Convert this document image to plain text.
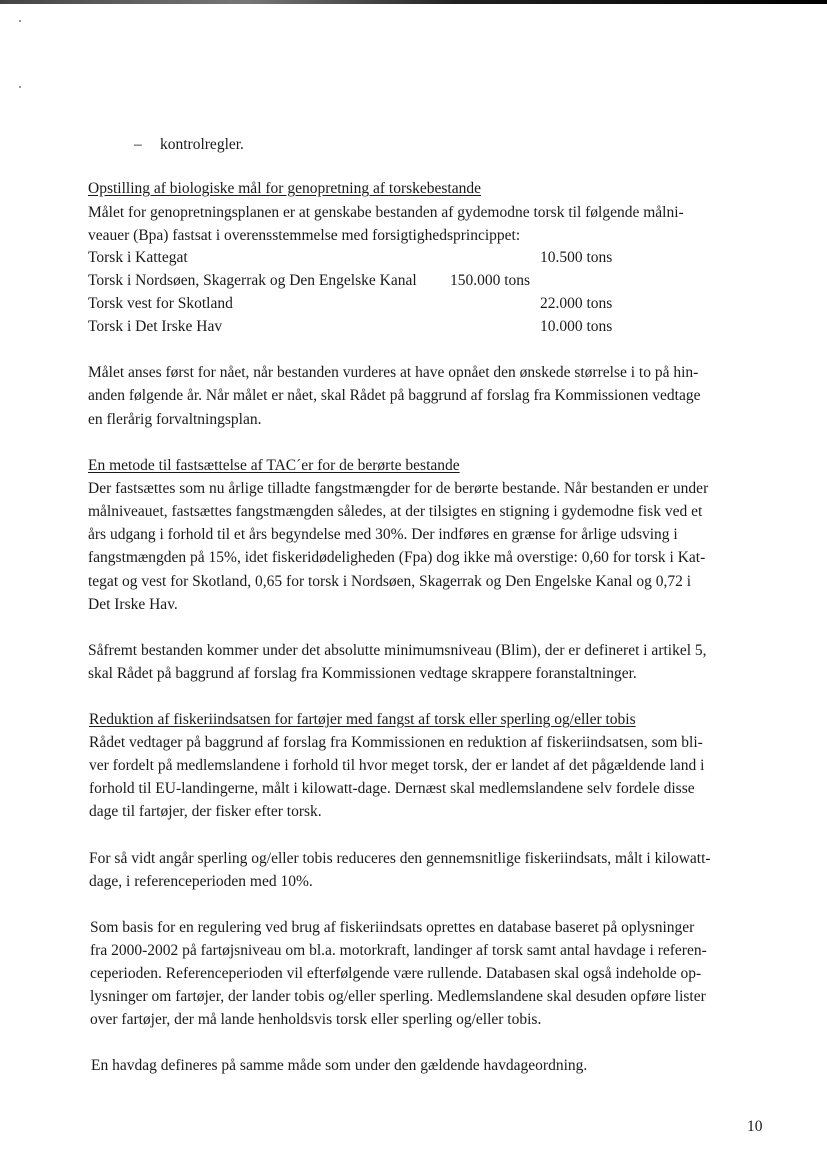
– kontrolregler.
Opstilling af biologiske mål for genopretning af torskebestande
Målet for genopretningsplanen er at genskabe bestanden af gydemodne torsk til følgende målni-
veauer (Bpa) fastsat i overensstemmelse med forsigtighedsprincippet:
Torsk i Kattegat	10.500 tons
Torsk i Nordsøen, Skagerrak og Den Engelske Kanal 150.000 tons
Torsk vest for Skotland	22.000 tons
Torsk i Det Irske Hav	10.000 tons
Målet anses først for nået, når bestanden vurderes at have opnået den ønskede størrelse i to på hin-
anden følgende år. Når målet er nået, skal Rådet på baggrund af forslag fra Kommissionen vedtage
en flerårig forvaltningsplan.
En metode til fastsættelse af TAC´er for de berørte bestande
Der fastsættes som nu årlige tilladte fangstmængder for de berørte bestande. Når bestanden er under
målniveauet, fastsættes fangstmængden således, at der tilsigtes en stigning i gydemodne fisk ved et
års udgang i forhold til et års begyndelse med 30%. Der indføres en grænse for årlige udsving i
fangstmængden på 15%, idet fiskeridødeligheden (Fpa) dog ikke må overstige: 0,60 for torsk i Kat-
tegat og vest for Skotland, 0,65 for torsk i Nordsøen, Skagerrak og Den Engelske Kanal og 0,72 i
Det Irske Hav.
Såfremt bestanden kommer under det absolutte minimumsniveau (Blim), der er defineret i artikel 5,
skal Rådet på baggrund af forslag fra Kommissionen vedtage skrappere foranstaltninger.
Reduktion af fiskeriindsatsen for fartøjer med fangst af torsk eller sperling og/eller tobis
Rådet vedtager på baggrund af forslag fra Kommissionen en reduktion af fiskeriindsatsen, som bli-
ver fordelt på medlemslandene i forhold til hvor meget torsk, der er landet af det pågældende land i
forhold til EU-landingerne, målt i kilowatt-dage. Dernæst skal medlemslandene selv fordele disse
dage til fartøjer, der fisker efter torsk.
For så vidt angår sperling og/eller tobis reduceres den gennemsnitlige fiskeriindsats, målt i kilowatt-
dage, i referenceperioden med 10%.
Som basis for en regulering ved brug af fiskeriindsats oprettes en database baseret på oplysninger
fra 2000-2002 på fartøjsniveau om bl.a. motorkraft, landinger af torsk samt antal havdage i referen-
ceperioden. Referenceperioden vil efterfølgende være rullende. Databasen skal også indeholde op-
lysninger om fartøjer, der lander tobis og/eller sperling. Medlemslandene skal desuden opføre lister
over fartøjer, der må lande henholdsvis torsk eller sperling og/eller tobis.
En havdag defineres på samme måde som under den gældende havdageordning.
10
